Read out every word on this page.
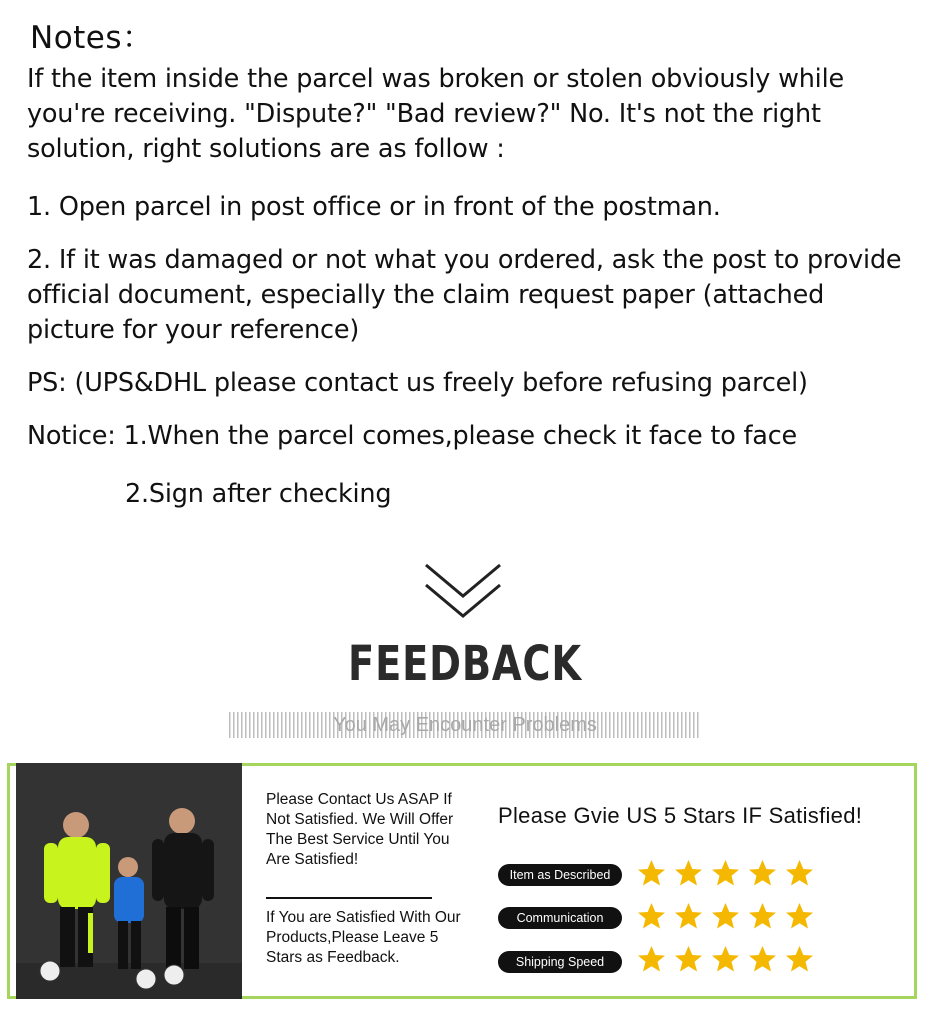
Notes：

If the item inside the parcel was broken or stolen obviously while you're receiving. "Dispute?" "Bad review?" No. It's not the right solution, right solutions are as follow :

1. Open parcel in post office or in front of the postman.

2. If it was damaged or not what you ordered, ask the post to provide official document, especially the claim request paper (attached picture for your reference)

PS: (UPS&DHL please contact us freely before refusing parcel)

Notice: 1.When the parcel comes,please check it face to face

2.Sign after checking

FEEDBACK
You May Encounter Problems
Please Contact Us ASAP If Not Satisfied. We Will Offer The Best Service Until You Are Satisfied!
If You are Satisfied With Our Products,Please Leave 5 Stars as Feedback.
Please Gvie US 5 Stars IF Satisfied!
Item as Described
Communication
Shipping Speed
